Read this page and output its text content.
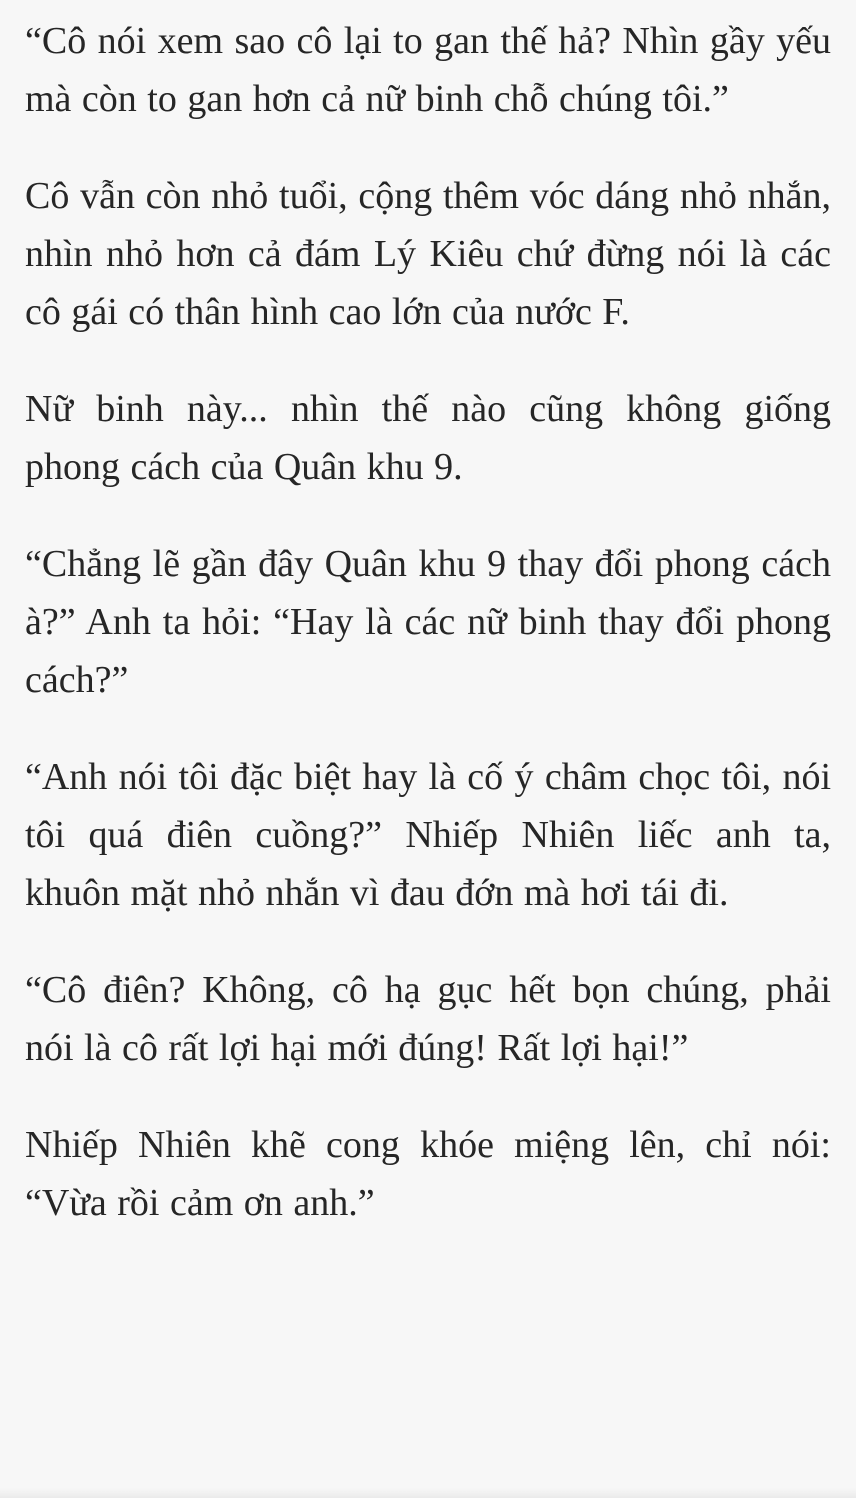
“Cô nói xem sao cô lại to gan thế hả? Nhìn gầy yếu mà còn to gan hơn cả nữ binh chỗ chúng tôi.”

Cô vẫn còn nhỏ tuổi, cộng thêm vóc dáng nhỏ nhắn, nhìn nhỏ hơn cả đám Lý Kiêu chứ đừng nói là các cô gái có thân hình cao lớn của nước F.

Nữ binh này... nhìn thế nào cũng không giống phong cách của Quân khu 9.

“Chẳng lẽ gần đây Quân khu 9 thay đổi phong cách à?” Anh ta hỏi: “Hay là các nữ binh thay đổi phong cách?”

“Anh nói tôi đặc biệt hay là cố ý châm chọc tôi, nói tôi quá điên cuồng?” Nhiếp Nhiên liếc anh ta, khuôn mặt nhỏ nhắn vì đau đớn mà hơi tái đi.

“Cô điên? Không, cô hạ gục hết bọn chúng, phải nói là cô rất lợi hại mới đúng! Rất lợi hại!”

Nhiếp Nhiên khẽ cong khóe miệng lên, chỉ nói: “Vừa rồi cảm ơn anh.”
